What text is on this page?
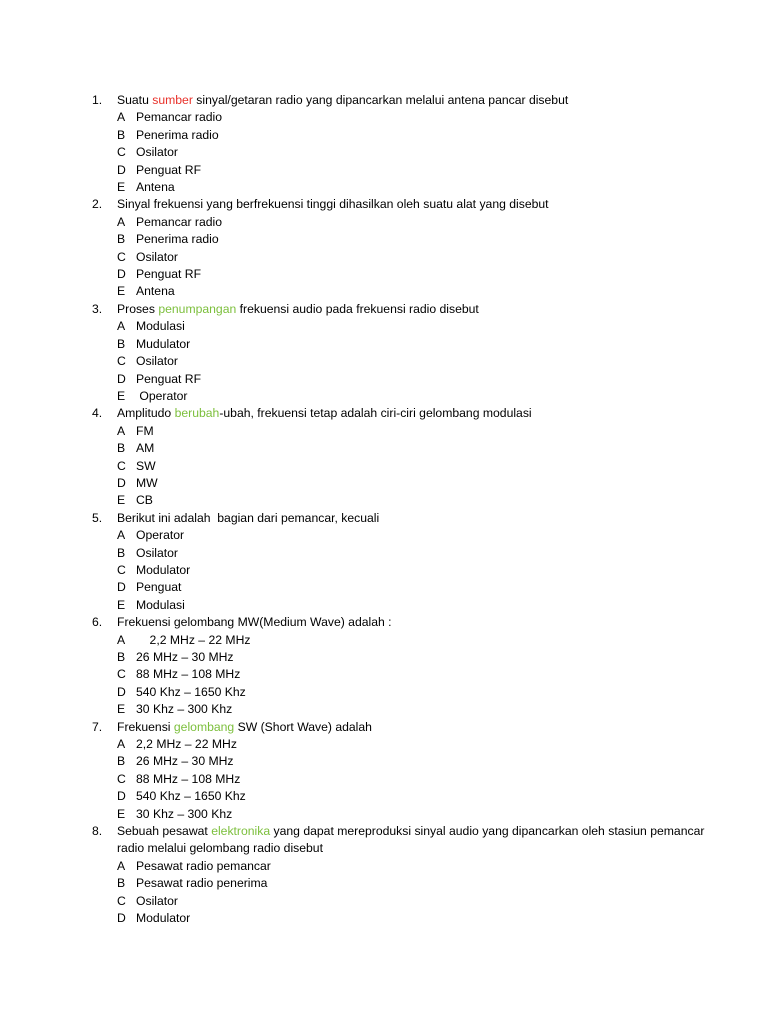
1.	Suatu sumber sinyal/getaran radio yang dipancarkan melalui antena pancar disebut
A Pemancar radio
B Penerima radio
C Osilator
D Penguat RF
E Antena
2.	Sinyal frekuensi yang berfrekuensi tinggi dihasilkan oleh suatu alat yang disebut
A Pemancar radio
B Penerima radio
C Osilator
D Penguat RF
E Antena
3.	Proses penumpangan frekuensi audio pada frekuensi radio disebut
A Modulasi
B Mudulator
C Osilator
D Penguat RF
E Operator
4.	Amplitudo berubah-ubah, frekuensi tetap adalah ciri-ciri gelombang modulasi
A FM
B AM
C SW
D MW
E CB
5.	Berikut ini adalah  bagian dari pemancar, kecuali
A Operator
B Osilator
C Modulator
D Penguat
E Modulasi
6.	Frekuensi gelombang MW(Medium Wave) adalah :
A 2,2 MHz – 22 MHz
B 26 MHz – 30 MHz
C 88 MHz – 108 MHz
D 540 Khz – 1650 Khz
E 30 Khz – 300 Khz
7.	Frekuensi gelombang SW (Short Wave) adalah
A 2,2 MHz – 22 MHz
B 26 MHz – 30 MHz
C 88 MHz – 108 MHz
D 540 Khz – 1650 Khz
E 30 Khz – 300 Khz
8.	Sebuah pesawat elektronika yang dapat mereproduksi sinyal audio yang dipancarkan oleh stasiun pemancar radio melalui gelombang radio disebut
A Pesawat radio pemancar
B Pesawat radio penerima
C Osilator
D Modulator
